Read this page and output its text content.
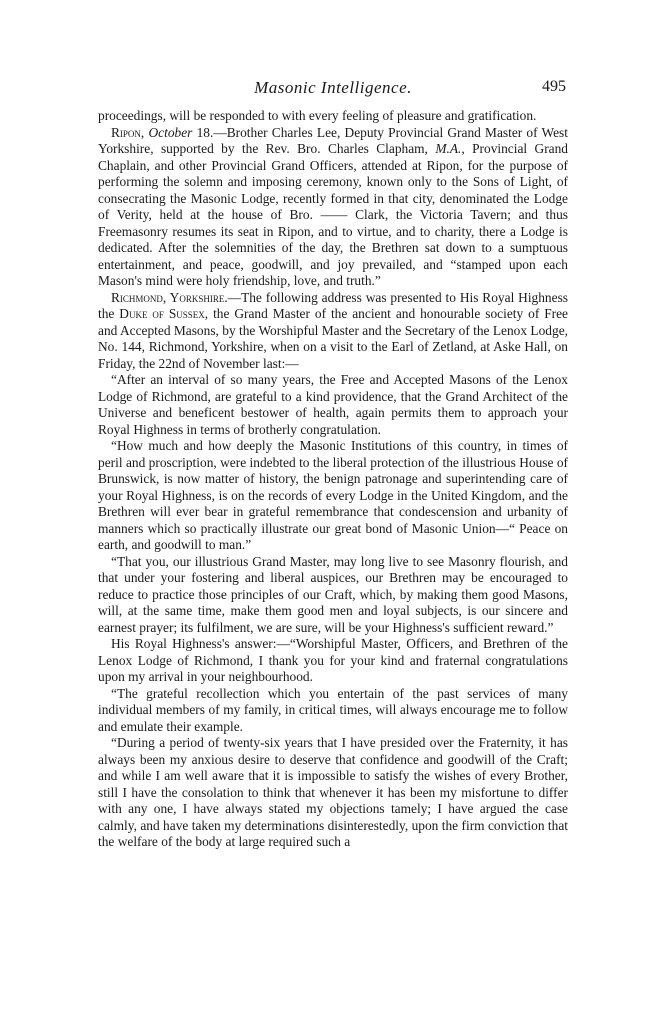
Masonic Intelligence.	495

proceedings, will be responded to with every feeling of pleasure and gratification.

Ripon, October 18.—Brother Charles Lee, Deputy Provincial Grand Master of West Yorkshire, supported by the Rev. Bro. Charles Clapham, M.A., Provincial Grand Chaplain, and other Provincial Grand Officers, attended at Ripon, for the purpose of performing the solemn and imposing ceremony, known only to the Sons of Light, of consecrating the Masonic Lodge, recently formed in that city, denominated the Lodge of Verity, held at the house of Bro. —— Clark, the Victoria Tavern; and thus Freemasonry resumes its seat in Ripon, and to virtue, and to charity, there a Lodge is dedicated. After the solemnities of the day, the Brethren sat down to a sumptuous entertainment, and peace, goodwill, and joy prevailed, and “stamped upon each Mason's mind were holy friendship, love, and truth.”

Richmond, Yorkshire.—The following address was presented to His Royal Highness the Duke of Sussex, the Grand Master of the ancient and honourable society of Free and Accepted Masons, by the Worshipful Master and the Secretary of the Lenox Lodge, No. 144, Richmond, Yorkshire, when on a visit to the Earl of Zetland, at Aske Hall, on Friday, the 22nd of November last:—

“After an interval of so many years, the Free and Accepted Masons of the Lenox Lodge of Richmond, are grateful to a kind providence, that the Grand Architect of the Universe and beneficent bestower of health, again permits them to approach your Royal Highness in terms of brotherly congratulation.

“How much and how deeply the Masonic Institutions of this country, in times of peril and proscription, were indebted to the liberal protection of the illustrious House of Brunswick, is now matter of history, the benign patronage and superintending care of your Royal Highness, is on the records of every Lodge in the United Kingdom, and the Brethren will ever bear in grateful remembrance that condescension and urbanity of manners which so practically illustrate our great bond of Masonic Union—“ Peace on earth, and goodwill to man.”

“That you, our illustrious Grand Master, may long live to see Masonry flourish, and that under your fostering and liberal auspices, our Brethren may be encouraged to reduce to practice those principles of our Craft, which, by making them good Masons, will, at the same time, make them good men and loyal subjects, is our sincere and earnest prayer; its fulfilment, we are sure, will be your Highness's sufficient reward.”

His Royal Highness's answer:—“Worshipful Master, Officers, and Brethren of the Lenox Lodge of Richmond, I thank you for your kind and fraternal congratulations upon my arrival in your neighbourhood.

“The grateful recollection which you entertain of the past services of many individual members of my family, in critical times, will always encourage me to follow and emulate their example.

“During a period of twenty-six years that I have presided over the Fraternity, it has always been my anxious desire to deserve that confidence and goodwill of the Craft; and while I am well aware that it is impossible to satisfy the wishes of every Brother, still I have the consolation to think that whenever it has been my misfortune to differ with any one, I have always stated my objections tamely; I have argued the case calmly, and have taken my determinations disinterestedly, upon the firm conviction that the welfare of the body at large required such a
